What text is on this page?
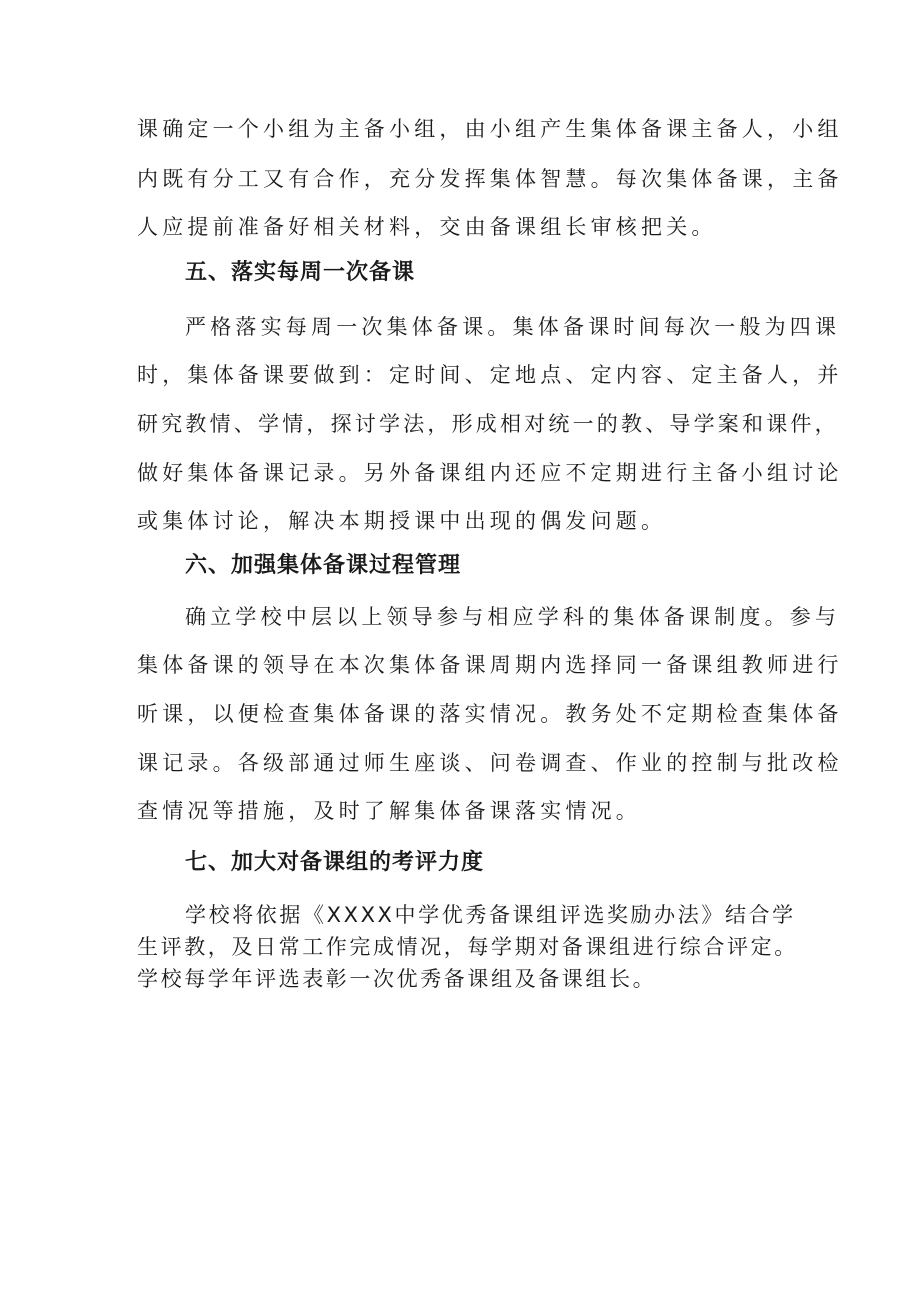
课确定一个小组为主备小组，由小组产生集体备课主备人，小组
内既有分工又有合作，充分发挥集体智慧。每次集体备课，主备
人应提前准备好相关材料，交由备课组长审核把关。
五、落实每周一次备课
严格落实每周一次集体备课。集体备课时间每次一般为四课
时，集体备课要做到：定时间、定地点、定内容、定主备人，并
研究教情、学情，探讨学法，形成相对统一的教、导学案和课件，
做好集体备课记录。另外备课组内还应不定期进行主备小组讨论
或集体讨论，解决本期授课中出现的偶发问题。
六、加强集体备课过程管理
确立学校中层以上领导参与相应学科的集体备课制度。参与
集体备课的领导在本次集体备课周期内选择同一备课组教师进行
听课，以便检查集体备课的落实情况。教务处不定期检查集体备
课记录。各级部通过师生座谈、问卷调查、作业的控制与批改检
查情况等措施，及时了解集体备课落实情况。
七、加大对备课组的考评力度
学校将依据《XXXX中学优秀备课组评选奖励办法》结合学
生评教，及日常工作完成情况，每学期对备课组进行综合评定。
学校每学年评选表彰一次优秀备课组及备课组长。
